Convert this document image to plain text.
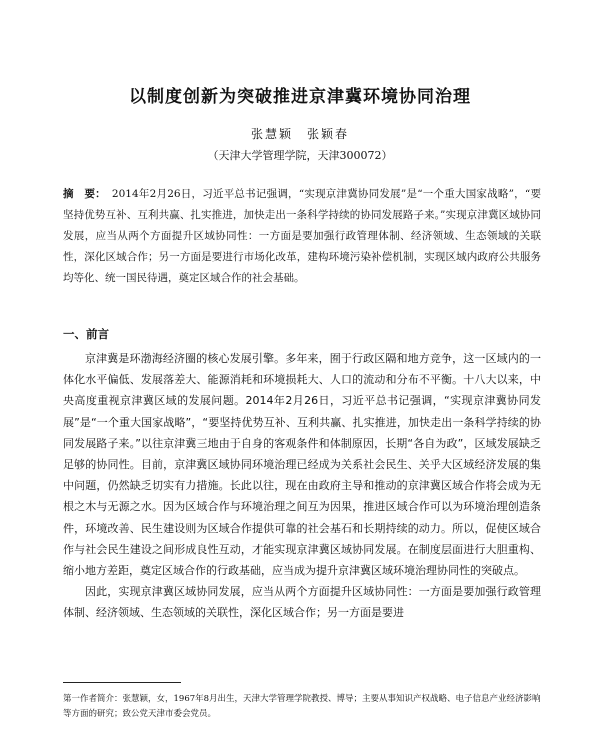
以制度创新为突破推进京津冀环境协同治理
张慧颖　张颖春
（天津大学管理学院，天津300072）
摘　要： 2014年2月26日，习近平总书记强调，“实现京津冀协同发展”是“一个重大国家战略”，“要坚持优势互补、互利共赢、扎实推进，加快走出一条科学持续的协同发展路子来。”实现京津冀区域协同发展，应当从两个方面提升区域协同性：一方面是要加强行政管理体制、经济领域、生态领域的关联性，深化区域合作；另一方面是要进行市场化改革，建构环境污染补偿机制，实现区域内政府公共服务均等化、统一国民待遇，奠定区域合作的社会基础。
一、前言

京津冀是环渤海经济圈的核心发展引擎。多年来，囿于行政区隔和地方竞争，这一区域内的一体化水平偏低、发展落差大、能源消耗和环境损耗大、人口的流动和分布不平衡。十八大以来，中央高度重视京津冀区域的发展问题。2014年2月26日，习近平总书记强调，“实现京津冀协同发展”是“一个重大国家战略”，“要坚持优势互补、互利共赢、扎实推进，加快走出一条科学持续的协同发展路子来。”以往京津冀三地由于自身的客观条件和体制原因，长期“各自为政”，区域发展缺乏足够的协同性。目前，京津冀区域协同环境治理已经成为关系社会民生、关乎大区域经济发展的集中问题，仍然缺乏切实有力措施。长此以往，现在由政府主导和推动的京津冀区域合作将会成为无根之木与无源之水。因为区域合作与环境治理之间互为因果，推进区域合作可以为环境治理创造条件，环境改善、民生建设则为区域合作提供可靠的社会基石和长期持续的动力。所以，促使区域合作与社会民生建设之间形成良性互动，才能实现京津冀区域协同发展。在制度层面进行大胆重构、缩小地方差距，奠定区域合作的行政基础，应当成为提升京津冀区域环境治理协同性的突破点。

因此，实现京津冀区域协同发展，应当从两个方面提升区域协同性：一方面是要加强行政管理体制、经济领域、生态领域的关联性，深化区域合作；另一方面是要进

第一作者简介：张慧颖，女，1967年8月出生，天津大学管理学院教授、博导；主要从事知识产权战略、电子信息产业经济影响等方面的研究；致公党天津市委会党员。
